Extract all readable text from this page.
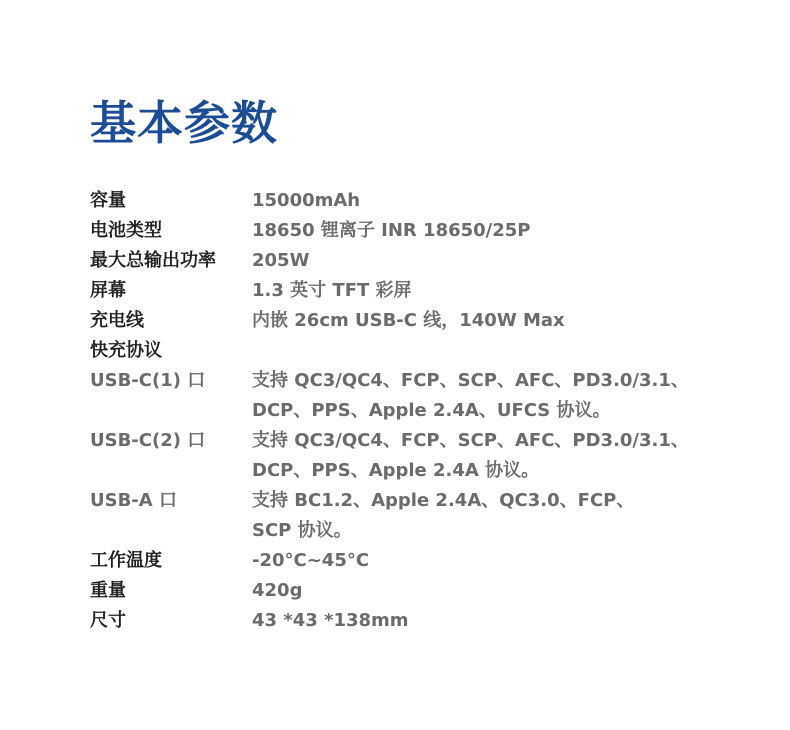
基本参数
容量	15000mAh
电池类型	18650 锂离子 INR 18650/25P
最大总输出功率	205W
屏幕	1.3 英寸 TFT 彩屏
充电线	内嵌 26cm USB-C 线，140W Max
快充协议
USB-C(1) 口	支持 QC3/QC4、FCP、SCP、AFC、PD3.0/3.1、
DCP、PPS、Apple 2.4A、UFCS 协议。
USB-C(2) 口	支持 QC3/QC4、FCP、SCP、AFC、PD3.0/3.1、
DCP、PPS、Apple 2.4A 协议。
USB-A 口	支持 BC1.2、Apple 2.4A、QC3.0、FCP、
SCP 协议。
工作温度	-20°C~45°C
重量	420g
尺寸	43 *43 *138mm
